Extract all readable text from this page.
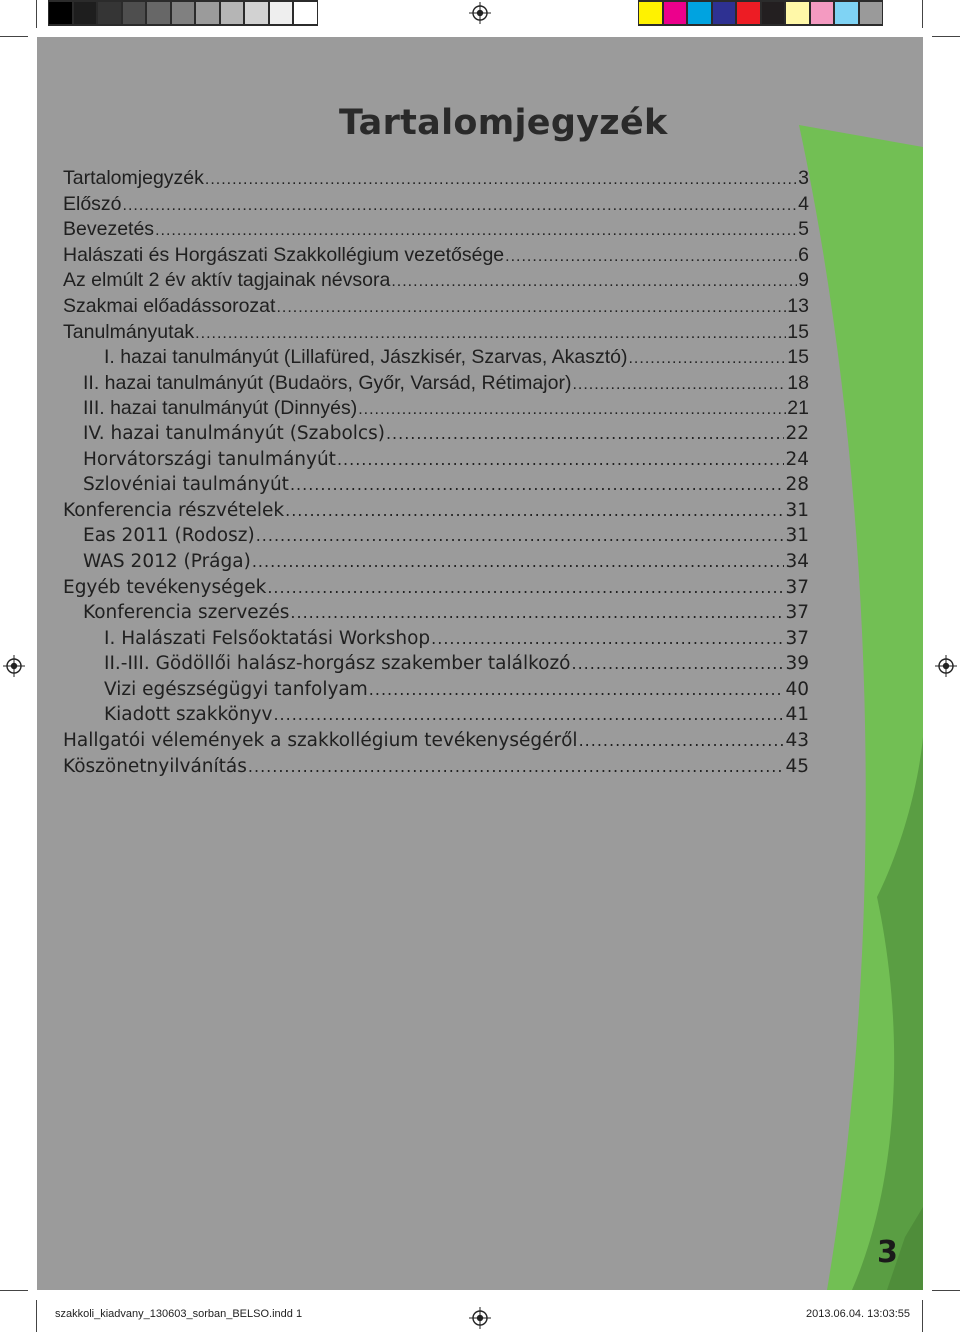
Tartalomjegyzék
Tartalomjegyzék .....	3
Előszó .....	4
Bevezetés .....	5
Halászati és Horgászati Szakkollégium vezetősége .....	6
Az elmúlt 2 év aktív tagjainak névsora .....	9
Szakmai előadássorozat .....	13
Tanulmányutak .....	15
I. hazai tanulmányút (Lillafüred, Jászkisér, Szarvas, Akasztó) .....	15
II. hazai tanulmányút (Budaörs, Győr, Varsád, Rétimajor) .....	18
III. hazai tanulmányút (Dinnyés) .....	21
IV. hazai tanulmányút (Szabolcs) .....	22
Horvátországi tanulmányút .....	24
Szlovéniai taulmányút .....	28
Konferencia részvételek .....	31
Eas 2011 (Rodosz) .....	31
WAS 2012 (Prága) .....	34
Egyéb tevékenységek .....	37
Konferencia szervezés .....	37
I. Halászati Felsőoktatási Workshop .....	37
II.-III. Gödöllői halász-horgász szakember találkozó .....	39
Vizi egészségügyi tanfolyam .....	40
Kiadott szakkönyv .....	41
Hallgatói vélemények a szakkollégium tevékenységéről .....	43
Köszönetnyilvánítás .....	45
3
szakkoli_kiadvany_130603_sorban_BELSO.indd 1	2013.06.04. 13:03:55
